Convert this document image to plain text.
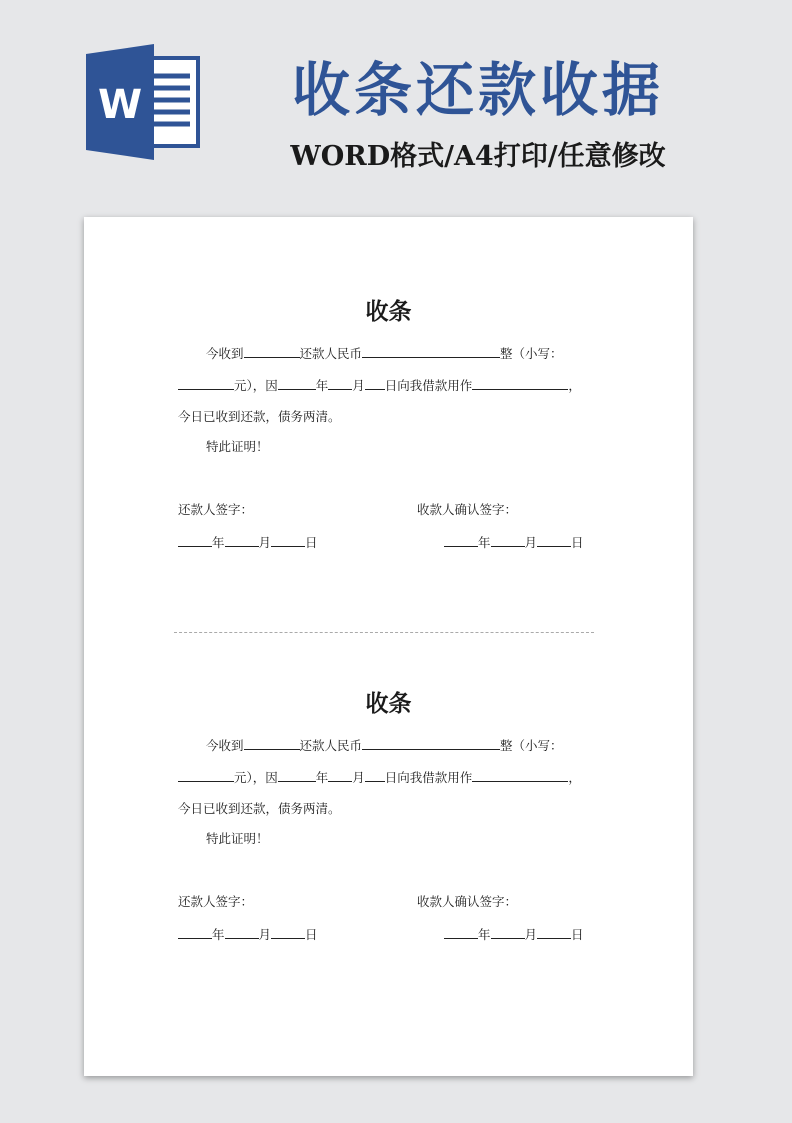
W	收条还款收据
WORD格式/A4打印/任意修改
收条
今收到	还款人民币	整（小写：
元），因	年 月 日向我借款用作	，
今日已收到还款，债务两清。
特此证明！
还款人签字：	收款人确认签字：
年	月	日	年	月	日
收条
今收到	还款人民币	整（小写：
元），因	年 月 日向我借款用作	，
今日已收到还款，债务两清。
特此证明！
还款人签字：	收款人确认签字：
年	月	日	年	月	日
